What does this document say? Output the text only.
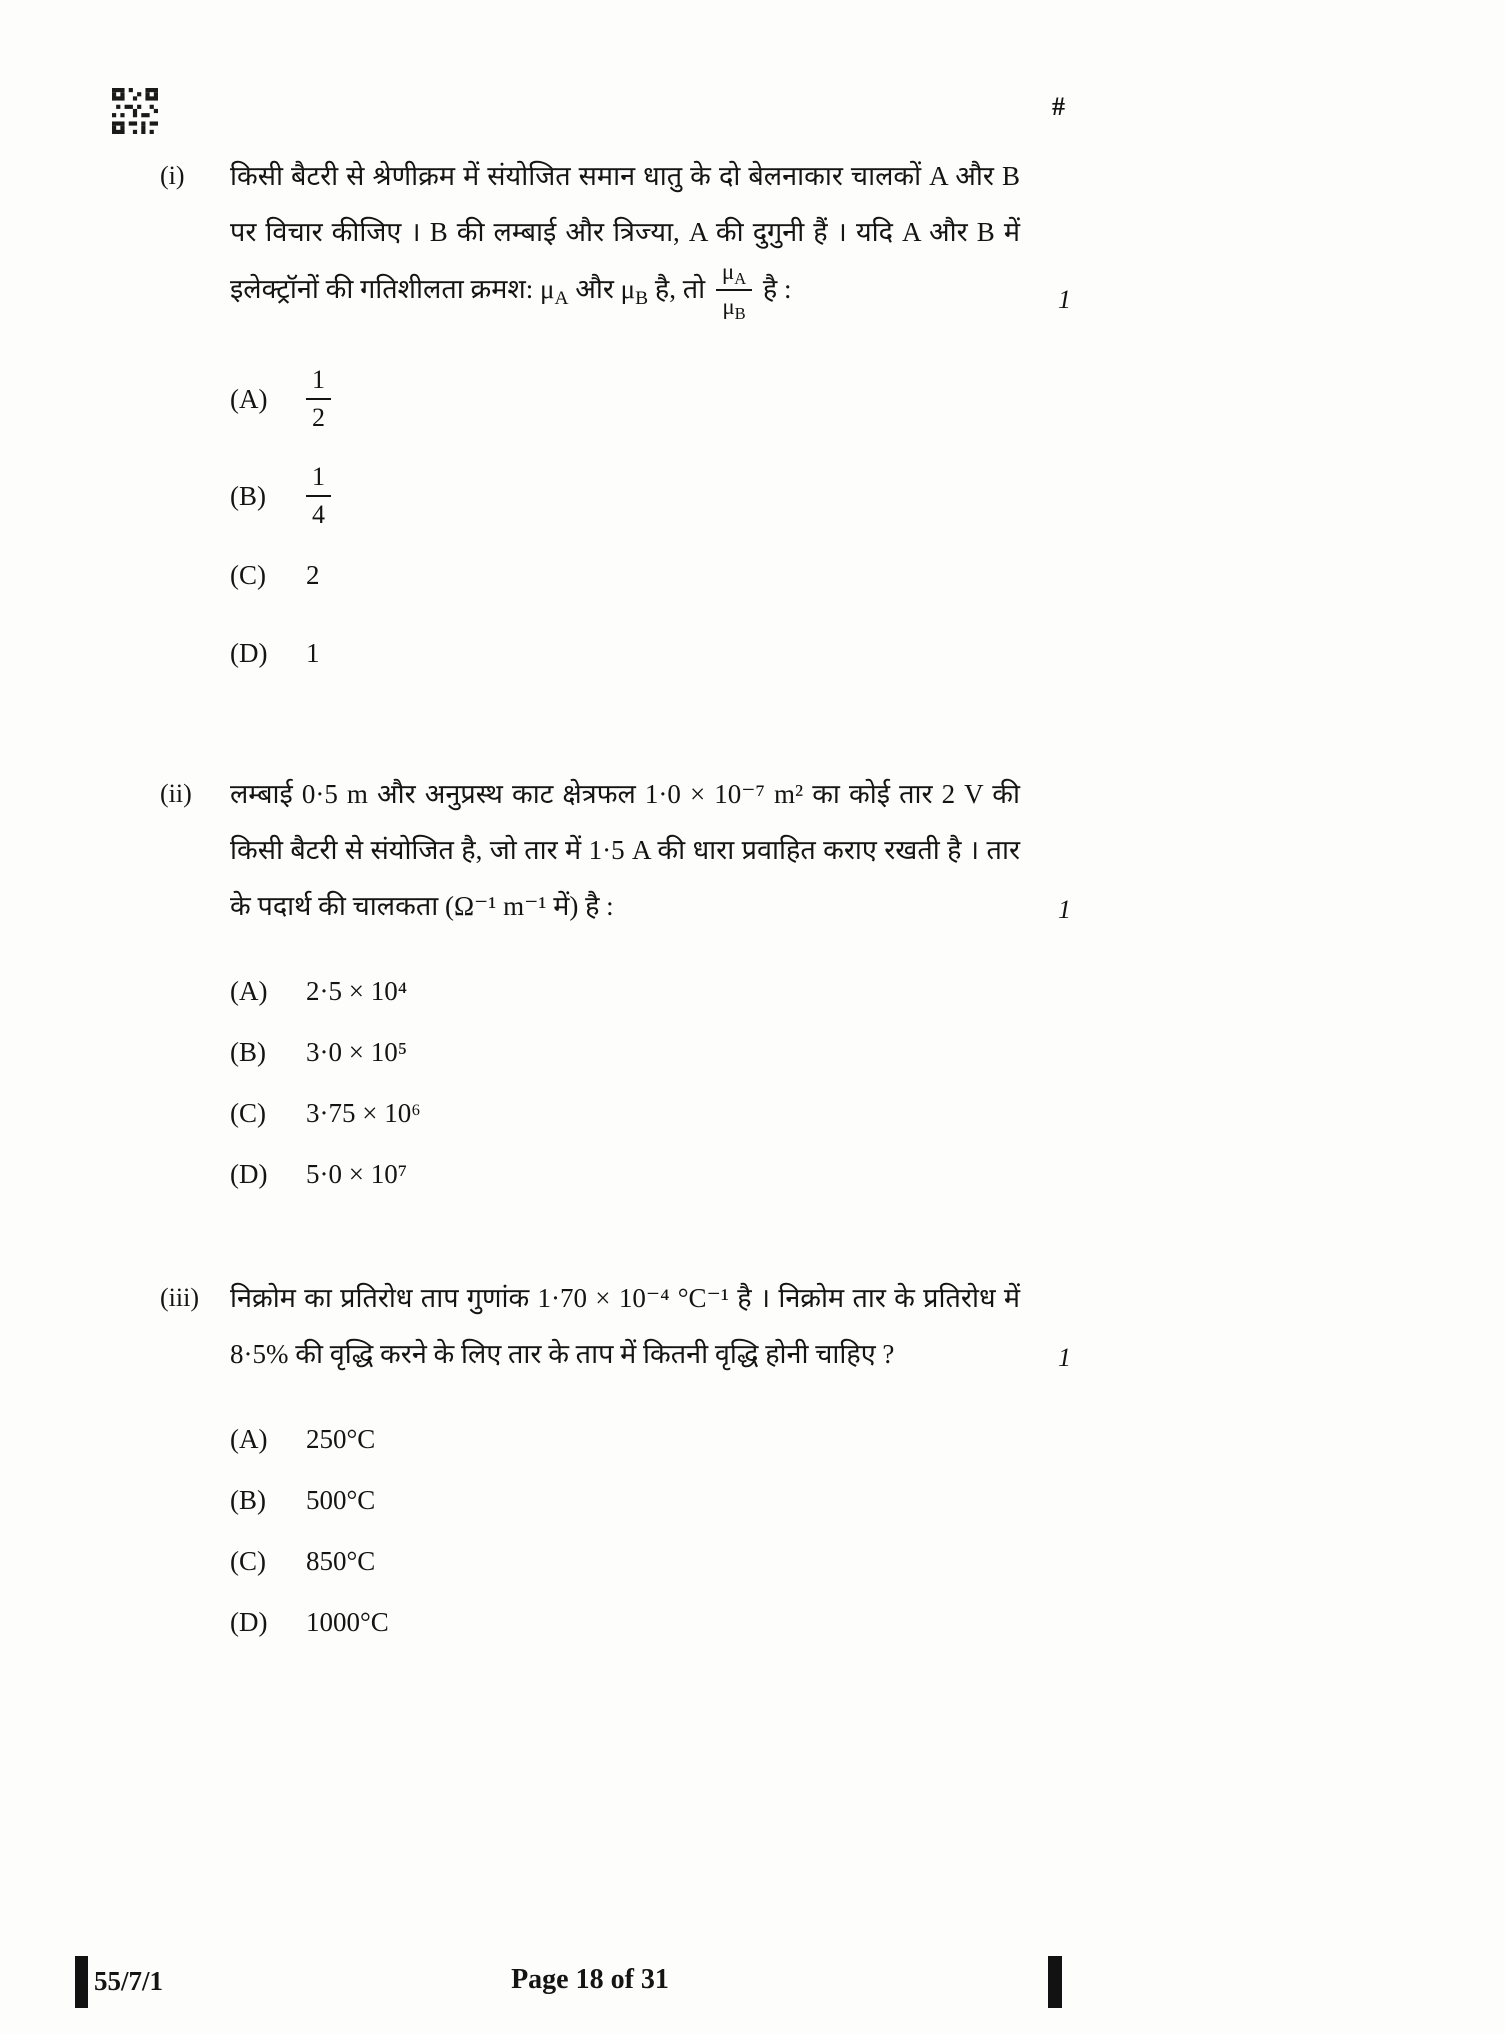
#
(i)	किसी बैटरी से श्रेणीक्रम में संयोजित समान धातु के दो बेलनाकार चालकों A और B पर विचार कीजिए । B की लम्बाई और त्रिज्या, A की दुगुनी हैं । यदि A और B में इलेक्ट्रॉनों की गतिशीलता क्रमश: $\mu_A$ और $\mu_B$ है, तो $\frac{\mu_A}{\mu_B}$ है :	1
(A)	$\frac{1}{2}$
(B)	$\frac{1}{4}$
(C)	2
(D)	1
(ii)	लम्बाई 0·5 m और अनुप्रस्थ काट क्षेत्रफल 1·0 × 10⁻⁷ m² का कोई तार 2 V की किसी बैटरी से संयोजित है, जो तार में 1·5 A की धारा प्रवाहित कराए रखती है । तार के पदार्थ की चालकता (Ω⁻¹ m⁻¹ में) है :	1
(A)	2·5 × 10⁴
(B)	3·0 × 10⁵
(C)	3·75 × 10⁶
(D)	5·0 × 10⁷
(iii)	निक्रोम का प्रतिरोध ताप गुणांक 1·70 × 10⁻⁴ °C⁻¹ है । निक्रोम तार के प्रतिरोध में 8·5% की वृद्धि करने के लिए तार के ताप में कितनी वृद्धि होनी चाहिए ?	1
(A)	250°C
(B)	500°C
(C)	850°C
(D)	1000°C
55/7/1	Page 18 of 31
